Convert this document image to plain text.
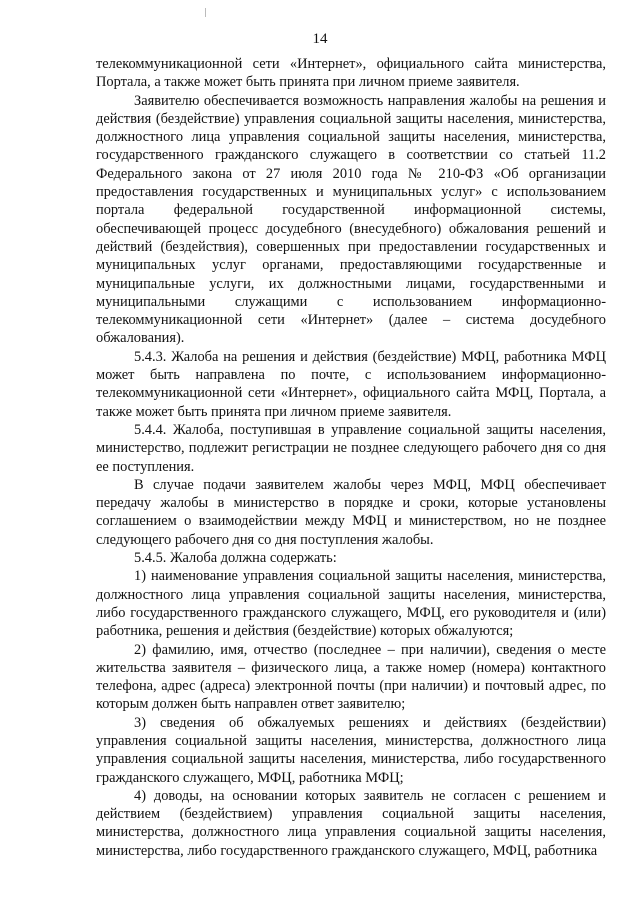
14

телекоммуникационной сети «Интернет», официального сайта министерства, Портала, а также может быть принята при личном приеме заявителя.

Заявителю обеспечивается возможность направления жалобы на решения и действия (бездействие) управления социальной защиты населения, министерства, должностного лица управления социальной защиты населения, министерства, государственного гражданского служащего в соответствии со статьей 11.2 Федерального закона от 27 июля 2010 года № 210-ФЗ «Об организации предоставления государственных и муниципальных услуг» с использованием портала федеральной государственной информационной системы, обеспечивающей процесс досудебного (внесудебного) обжалования решений и действий (бездействия), совершенных при предоставлении государственных и муниципальных услуг органами, предоставляющими государственные и муниципальные услуги, их должностными лицами, государственными и муниципальными служащими с использованием информационно-телекоммуникационной сети «Интернет» (далее – система досудебного обжалования).

5.4.3. Жалоба на решения и действия (бездействие) МФЦ, работника МФЦ может быть направлена по почте, с использованием информационно-телекоммуникационной сети «Интернет», официального сайта МФЦ, Портала, а также может быть принята при личном приеме заявителя.

5.4.4. Жалоба, поступившая в управление социальной защиты населения, министерство, подлежит регистрации не позднее следующего рабочего дня со дня ее поступления.

В случае подачи заявителем жалобы через МФЦ, МФЦ обеспечивает передачу жалобы в министерство в порядке и сроки, которые установлены соглашением о взаимодействии между МФЦ и министерством, но не позднее следующего рабочего дня со дня поступления жалобы.

5.4.5. Жалоба должна содержать:

1) наименование управления социальной защиты населения, министерства, должностного лица управления социальной защиты населения, министерства, либо государственного гражданского служащего, МФЦ, его руководителя и (или) работника, решения и действия (бездействие) которых обжалуются;

2) фамилию, имя, отчество (последнее – при наличии), сведения о месте жительства заявителя – физического лица, а также номер (номера) контактного телефона, адрес (адреса) электронной почты (при наличии) и почтовый адрес, по которым должен быть направлен ответ заявителю;

3) сведения об обжалуемых решениях и действиях (бездействии) управления социальной защиты населения, министерства, должностного лица управления социальной защиты населения, министерства, либо государственного гражданского служащего, МФЦ, работника МФЦ;

4) доводы, на основании которых заявитель не согласен с решением и действием (бездействием) управления социальной защиты населения, министерства, должностного лица управления социальной защиты населения, министерства, либо государственного гражданского служащего, МФЦ, работника
